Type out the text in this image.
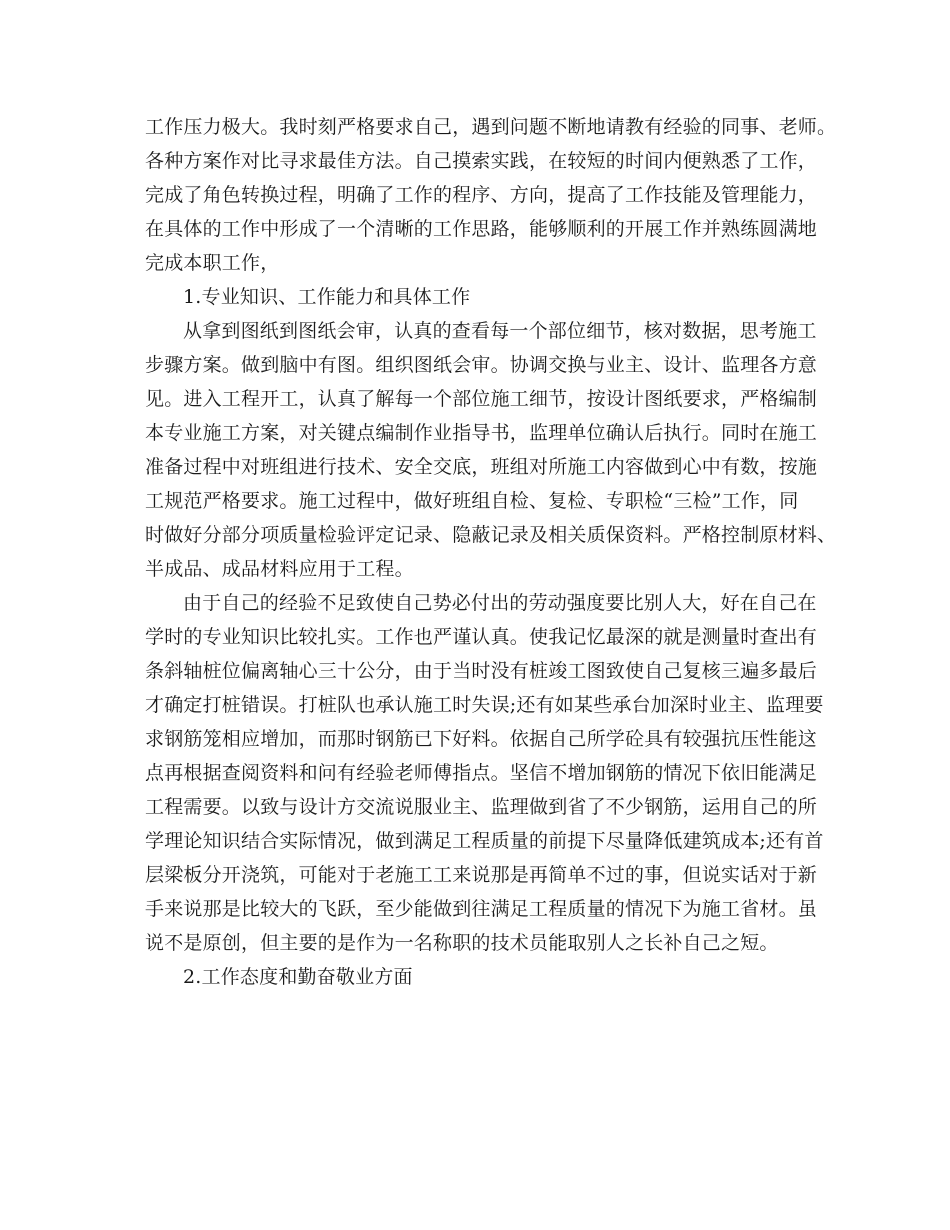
工作压力极大。我时刻严格要求自己，遇到问题不断地请教有经验的同事、老师。
各种方案作对比寻求最佳方法。自己摸索实践，在较短的时间内便熟悉了工作，
完成了角色转换过程，明确了工作的程序、方向，提高了工作技能及管理能力，
在具体的工作中形成了一个清晰的工作思路，能够顺利的开展工作并熟练圆满地
完成本职工作，
1.专业知识、工作能力和具体工作
从拿到图纸到图纸会审，认真的查看每一个部位细节，核对数据，思考施工
步骤方案。做到脑中有图。组织图纸会审。协调交换与业主、设计、监理各方意
见。进入工程开工，认真了解每一个部位施工细节，按设计图纸要求，严格编制
本专业施工方案，对关键点编制作业指导书，监理单位确认后执行。同时在施工
准备过程中对班组进行技术、安全交底，班组对所施工内容做到心中有数，按施
工规范严格要求。施工过程中，做好班组自检、复检、专职检“三检”工作，同
时做好分部分项质量检验评定记录、隐蔽记录及相关质保资料。严格控制原材料、
半成品、成品材料应用于工程。
由于自己的经验不足致使自己势必付出的劳动强度要比别人大，好在自己在
学时的专业知识比较扎实。工作也严谨认真。使我记忆最深的就是测量时查出有
条斜轴桩位偏离轴心三十公分，由于当时没有桩竣工图致使自己复核三遍多最后
才确定打桩错误。打桩队也承认施工时失误;还有如某些承台加深时业主、监理要
求钢筋笼相应增加，而那时钢筋已下好料。依据自己所学砼具有较强抗压性能这
点再根据查阅资料和问有经验老师傅指点。坚信不增加钢筋的情况下依旧能满足
工程需要。以致与设计方交流说服业主、监理做到省了不少钢筋，运用自己的所
学理论知识结合实际情况，做到满足工程质量的前提下尽量降低建筑成本;还有首
层梁板分开浇筑，可能对于老施工工来说那是再简单不过的事，但说实话对于新
手来说那是比较大的飞跃，至少能做到往满足工程质量的情况下为施工省材。虽
说不是原创，但主要的是作为一名称职的技术员能取别人之长补自己之短。
2.工作态度和勤奋敬业方面
